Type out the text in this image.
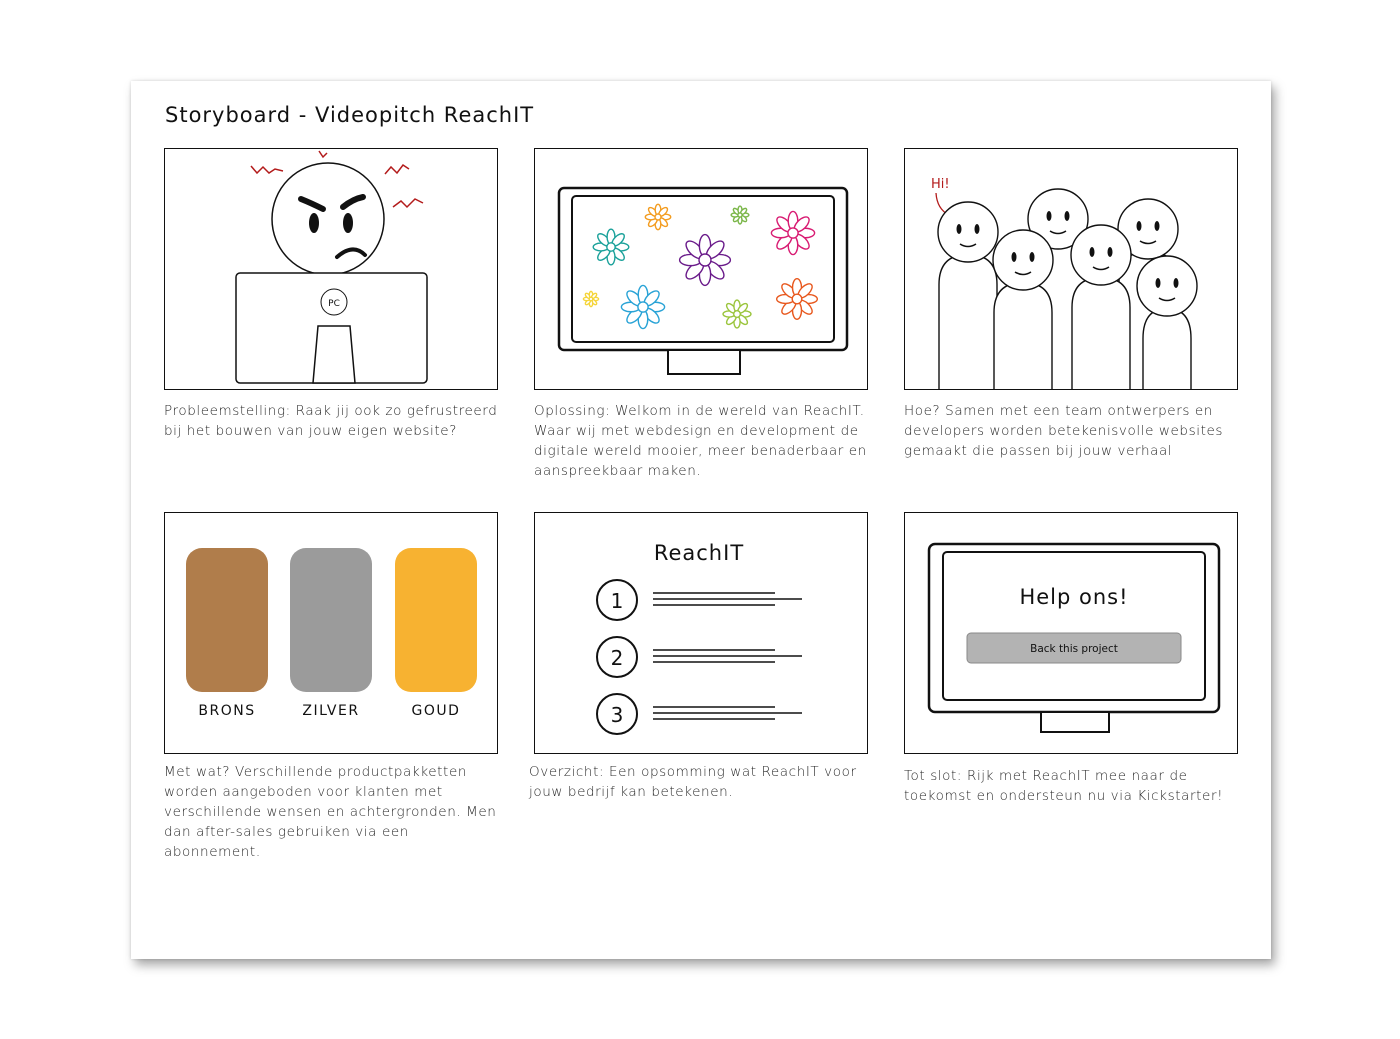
Storyboard - Videopitch ReachIT
PC
Probleemstelling: Raak jij ook zo gefrustreerd bij het bouwen van jouw eigen website?
Oplossing: Welkom in de wereld van ReachIT. Waar wij met webdesign en development de digitale wereld mooier, meer benaderbaar en aanspreekbaar maken.
Hi!
Hoe? Samen met een team ontwerpers en developers worden betekenisvolle websites gemaakt die passen bij jouw verhaal
BRONS	ZILVER	GOUD
Met wat? Verschillende productpakketten worden aangeboden voor klanten met verschillende wensen en achtergronden. Men dan after-sales gebruiken via een abonnement.
ReachIT
1
2
3
Overzicht: Een opsomming wat ReachIT voor jouw bedrijf kan betekenen.
Help ons!
Back this project
Tot slot: Rijk met ReachIT mee naar de toekomst en ondersteun nu via Kickstarter!
